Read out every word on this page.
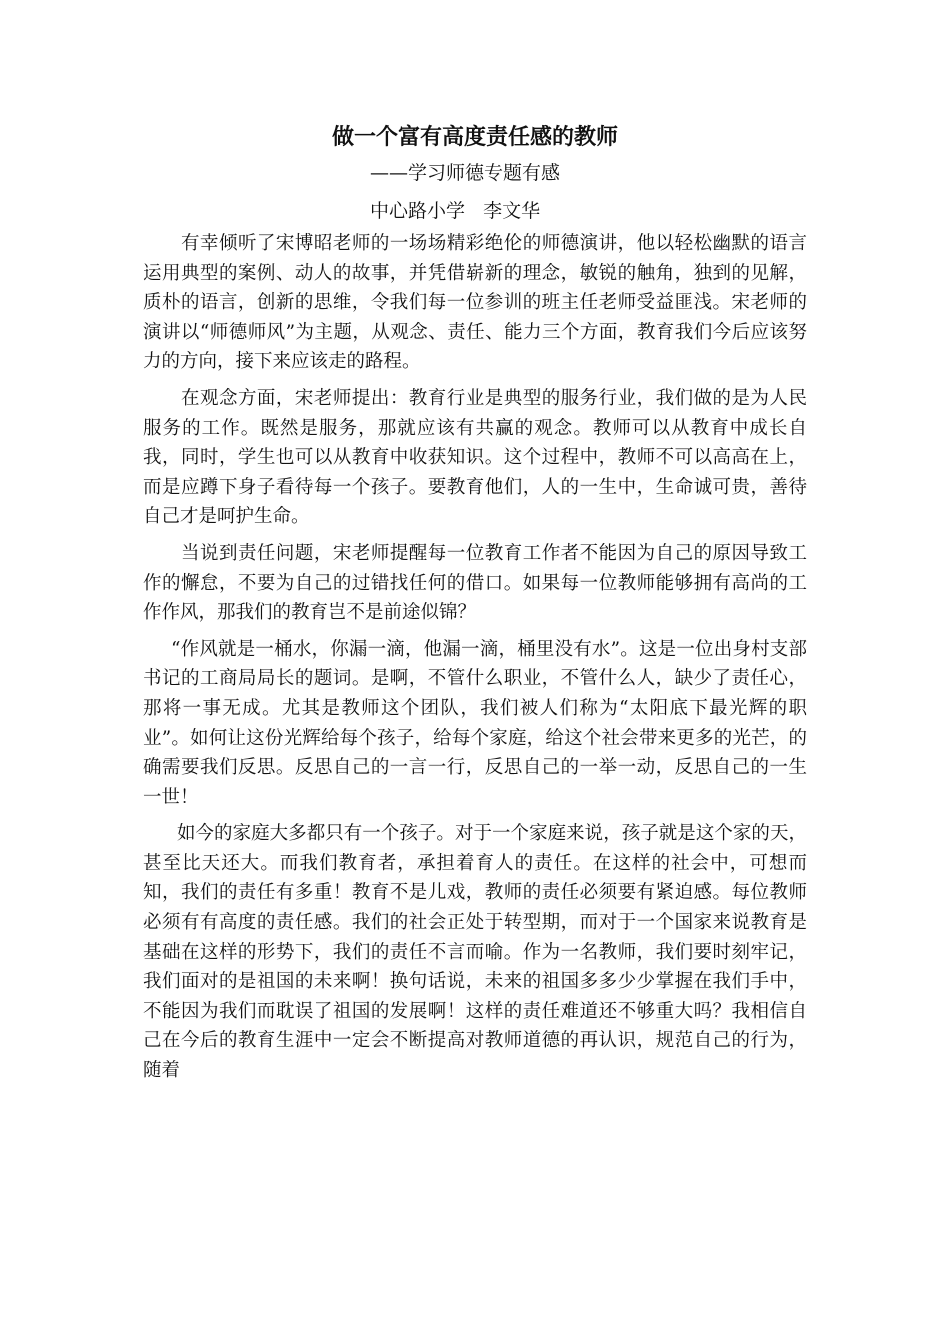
做一个富有高度责任感的教师
——学习师德专题有感
中心路小学   李文华

有幸倾听了宋博昭老师的一场场精彩绝伦的师德演讲，他以轻松幽默的语言运用典型的案例、动人的故事，并凭借崭新的理念，敏锐的触角，独到的见解，质朴的语言，创新的思维，令我们每一位参训的班主任老师受益匪浅。宋老师的演讲以“师德师风”为主题，从观念、责任、能力三个方面，教育我们今后应该努力的方向，接下来应该走的路程。

在观念方面，宋老师提出：教育行业是典型的服务行业，我们做的是为人民服务的工作。既然是服务，那就应该有共赢的观念。教师可以从教育中成长自我，同时，学生也可以从教育中收获知识。这个过程中，教师不可以高高在上，而是应蹲下身子看待每一个孩子。要教育他们，人的一生中，生命诚可贵，善待自己才是呵护生命。

当说到责任问题，宋老师提醒每一位教育工作者不能因为自己的原因导致工作的懈怠，不要为自己的过错找任何的借口。如果每一位教师能够拥有高尚的工作作风，那我们的教育岂不是前途似锦？

“作风就是一桶水，你漏一滴，他漏一滴，桶里没有水”。这是一位出身村支部书记的工商局局长的题词。是啊，不管什么职业，不管什么人，缺少了责任心，那将一事无成。尤其是教师这个团队，我们被人们称为“太阳底下最光辉的职业”。如何让这份光辉给每个孩子，给每个家庭，给这个社会带来更多的光芒，的确需要我们反思。反思自己的一言一行，反思自己的一举一动，反思自己的一生一世！

如今的家庭大多都只有一个孩子。对于一个家庭来说，孩子就是这个家的天，甚至比天还大。而我们教育者，承担着育人的责任。在这样的社会中，可想而知，我们的责任有多重！教育不是儿戏，教师的责任必须要有紧迫感。每位教师必须有有高度的责任感。我们的社会正处于转型期，而对于一个国家来说教育是基础在这样的形势下，我们的责任不言而喻。作为一名教师，我们要时刻牢记，我们面对的是祖国的未来啊！换句话说，未来的祖国多多少少掌握在我们手中，不能因为我们而耽误了祖国的发展啊！这样的责任难道还不够重大吗？我相信自己在今后的教育生涯中一定会不断提高对教师道德的再认识，规范自己的行为，随着
